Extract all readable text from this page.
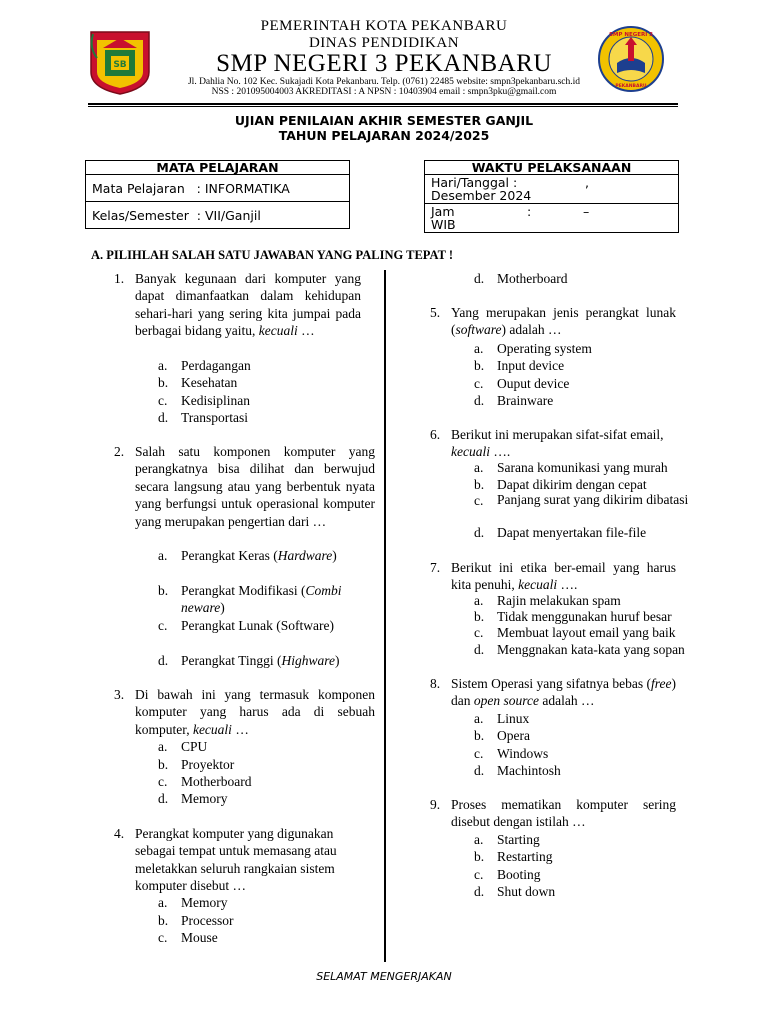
SB
SMP NEGERI 3
PEKANBARU
PEMERINTAH KOTA PEKANBARU
DINAS PENDIDIKAN
SMP NEGERI 3 PEKANBARU
Jl. Dahlia No. 102 Kec. Sukajadi Kota Pekanbaru. Telp. (0761) 22485 website: smpn3pekanbaru.sch.id
NSS : 201095004003 AKREDITASI : A NPSN : 10403904 email : smpn3pku@gmail.com
UJIAN PENILAIAN AKHIR SEMESTER GANJIL
TAHUN PELAJARAN 2024/2025
MATA PELAJARAN
Mata Pelajaran   : INFORMATIKA
Kelas/Semester  : VII/Ganjil
WAKTU PELAKSANAAN
Hari/Tanggal :	,

Desember 2024
Jam	:	–

WIB
A. PILIHLAH SALAH SATU JAWABAN YANG PALING TEPAT !
1. Banyak kegunaan dari komputer yang dapat dimanfaatkan dalam kehidupan sehari-hari yang sering kita jumpai pada berbagai bidang yaitu, kecuali …
a. Perdagangan
b. Kesehatan
c. Kedisiplinan
d. Transportasi
2. Salah satu komponen komputer yang perangkatnya bisa dilihat dan berwujud secara langsung atau yang berbentuk nyata yang berfungsi untuk operasional komputer yang merupakan pengertian dari …
a. Perangkat Keras (Hardware)
b. Perangkat Modifikasi (Combi
neware)
c. Perangkat Lunak (Software)
d. Perangkat Tinggi (Highware)
3. Di bawah ini yang termasuk komponen komputer yang harus ada di sebuah komputer, kecuali …
a. CPU
b. Proyektor
c. Motherboard
d. Memory
4. Perangkat komputer yang digunakan sebagai tempat untuk memasang atau meletakkan seluruh rangkaian sistem komputer disebut …
a. Memory
b. Processor
c. Mouse
d. Motherboard
5. Yang merupakan jenis perangkat lunak (software) adalah …
a. Operating system
b. Input device
c. Ouput device
d. Brainware
6. Berikut ini merupakan sifat-sifat email,
kecuali ….
a. Sarana komunikasi yang murah
b. Dapat dikirim dengan cepat
c. Panjang surat yang dikirim dibatasi
d. Dapat menyertakan file-file
7. Berikut ini etika ber-email yang harus kita penuhi, kecuali ….
a. Rajin melakukan spam
b. Tidak menggunakan huruf besar
c. Membuat layout email yang baik
d. Menggnakan kata-kata yang sopan
8. Sistem Operasi yang sifatnya bebas (free) dan open source adalah …
a. Linux
b. Opera
c. Windows
d. Machintosh
9. Proses mematikan komputer sering disebut dengan istilah …
a. Starting
b. Restarting
c. Booting
d. Shut down
SELAMAT MENGERJAKAN
